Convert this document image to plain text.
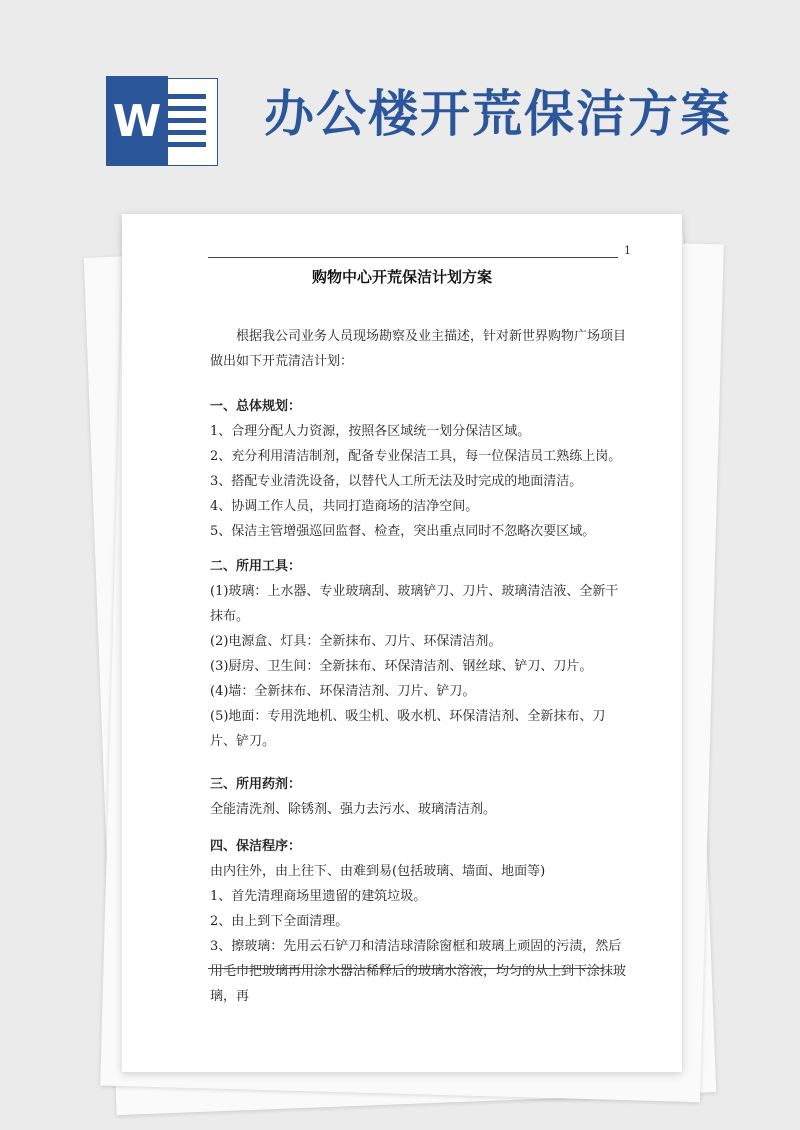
W 办公楼开荒保洁方案
1
购物中心开荒保洁计划方案

根据我公司业务人员现场勘察及业主描述，针对新世界购物广场项目做出如下开荒清洁计划：

一、总体规划：

1、合理分配人力资源，按照各区域统一划分保洁区域。

2、充分利用清洁制剂，配备专业保洁工具，每一位保洁员工熟练上岗。

3、搭配专业清洗设备，以替代人工所无法及时完成的地面清洁。

4、协调工作人员，共同打造商场的洁净空间。

5、保洁主管增强巡回监督、检查，突出重点同时不忽略次要区域。

二、所用工具：

(1)玻璃：上水器、专业玻璃刮、玻璃铲刀、刀片、玻璃清洁液、全新干抹布。

(2)电源盒、灯具：全新抹布、刀片、环保清洁剂。

(3)厨房、卫生间：全新抹布、环保清洁剂、钢丝球、铲刀、刀片。

(4)墙：全新抹布、环保清洁剂、刀片、铲刀。

(5)地面：专用洗地机、吸尘机、吸水机、环保清洁剂、全新抹布、刀片、铲刀。

三、所用药剂：

全能清洗剂、除锈剂、强力去污水、玻璃清洁剂。

四、保洁程序：

由内往外，由上往下、由难到易(包括玻璃、墙面、地面等)

1、首先清理商场里遗留的建筑垃圾。

2、由上到下全面清理。

3、擦玻璃：先用云石铲刀和清洁球清除窗框和玻璃上顽固的污渍，然后用毛巾把玻璃再用涂水器沾稀释后的玻璃水溶液，均匀的从上到下涂抹玻璃，再
